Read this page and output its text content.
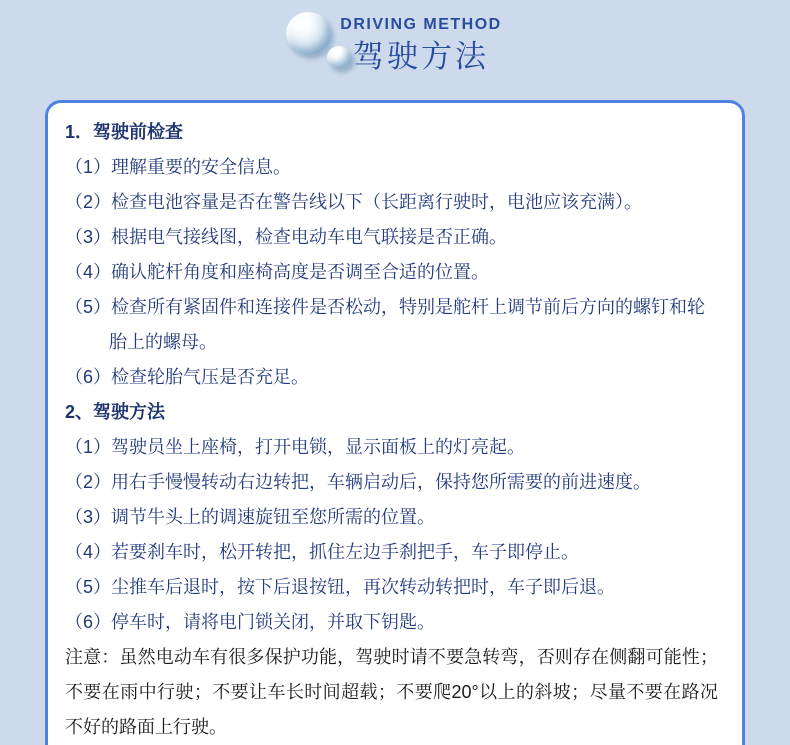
DRIVING METHOD
驾驶方法

1．驾驶前检查

（1）理解重要的安全信息。

（2）检查电池容量是否在警告线以下（长距离行驶时，电池应该充满）。

（3）根据电气接线图，检查电动车电气联接是否正确。

（4）确认舵杆角度和座椅高度是否调至合适的位置。

（5）检查所有紧固件和连接件是否松动，特别是舵杆上调节前后方向的螺钉和轮胎上的螺母。

（6）检查轮胎气压是否充足。

2、驾驶方法

（1）驾驶员坐上座椅，打开电锁，显示面板上的灯亮起。

（2）用右手慢慢转动右边转把，车辆启动后，保持您所需要的前进速度。

（3）调节牛头上的调速旋钮至您所需的位置。

（4）若要刹车时，松开转把，抓住左边手刹把手，车子即停止。

（5）尘推车后退时，按下后退按钮，再次转动转把时，车子即后退。

（6）停车时，请将电门锁关闭，并取下钥匙。

注意：虽然电动车有很多保护功能，驾驶时请不要急转弯，否则存在侧翻可能性；不要在雨中行驶；不要让车长时间超载；不要爬20°以上的斜坡；尽量不要在路况不好的路面上行驶。
